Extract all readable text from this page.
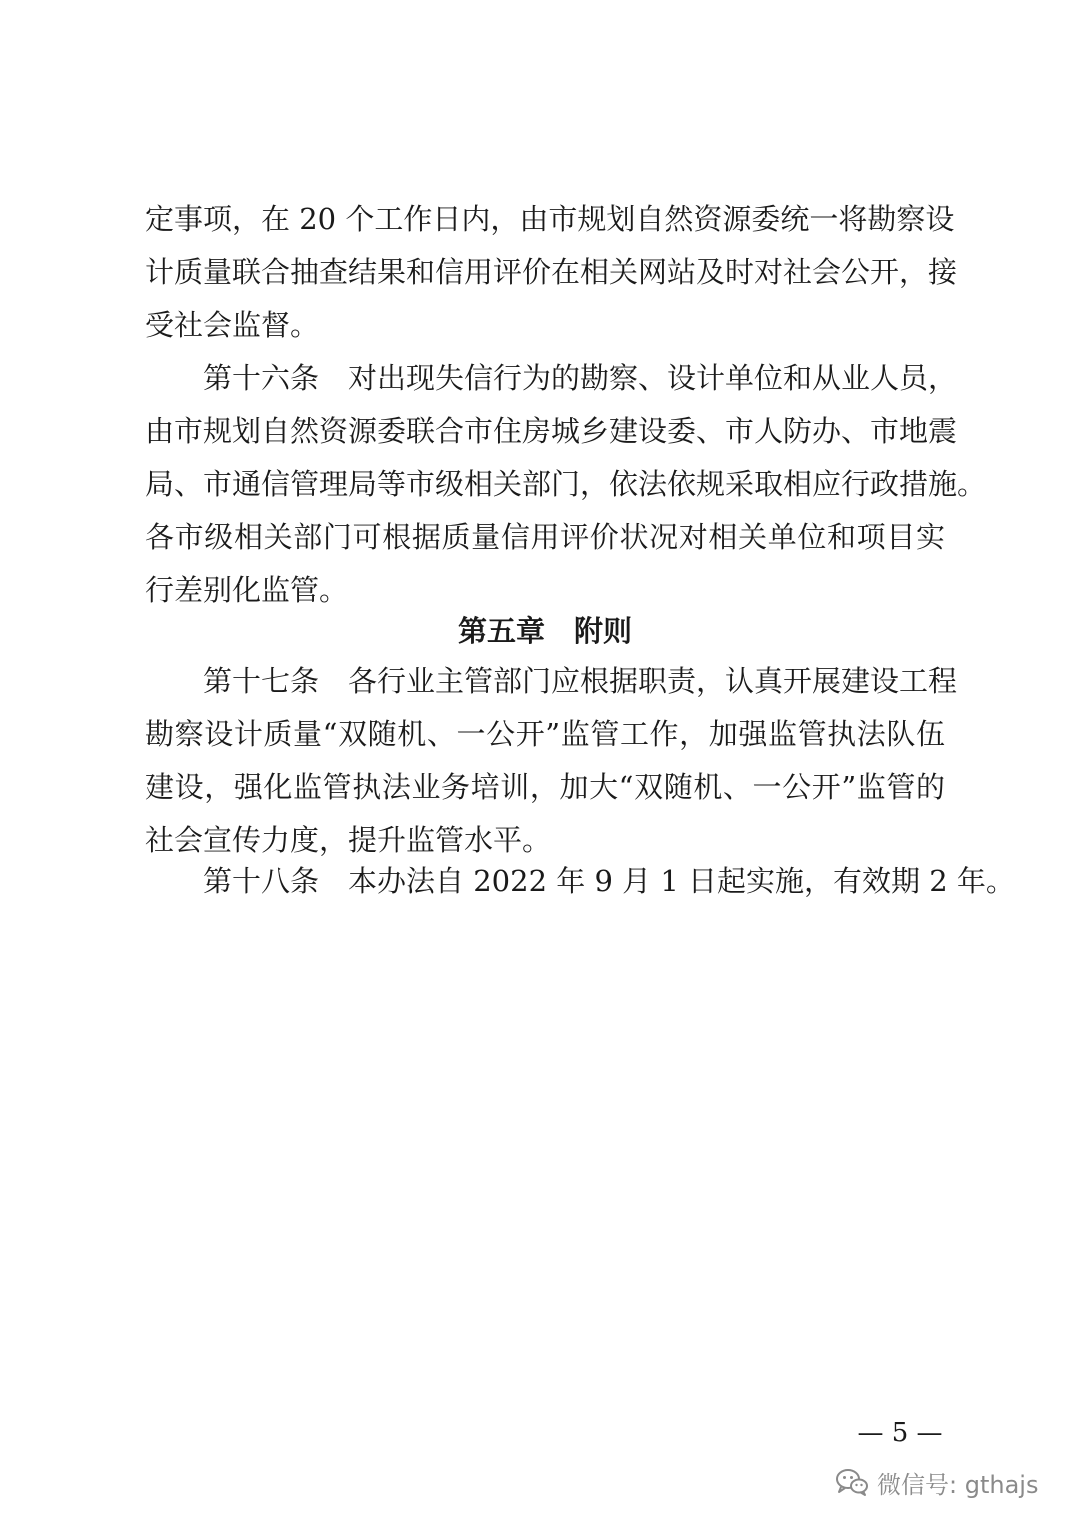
定事项，在 20 个工作日内，由市规划自然资源委统一将勘察设
计质量联合抽查结果和信用评价在相关网站及时对社会公开，接
受社会监督。
第十六条　对出现失信行为的勘察、设计单位和从业人员，
由市规划自然资源委联合市住房城乡建设委、市人防办、市地震
局、市通信管理局等市级相关部门，依法依规采取相应行政措施。
各市级相关部门可根据质量信用评价状况对相关单位和项目实
行差别化监管。
第五章　附则
第十七条　各行业主管部门应根据职责，认真开展建设工程
勘察设计质量“双随机、一公开”监管工作，加强监管执法队伍
建设，强化监管执法业务培训，加大“双随机、一公开”监管的
社会宣传力度，提升监管水平。
第十八条　本办法自 2022 年 9 月 1 日起实施，有效期 2 年。
— 5 —
微信号: gthajs
